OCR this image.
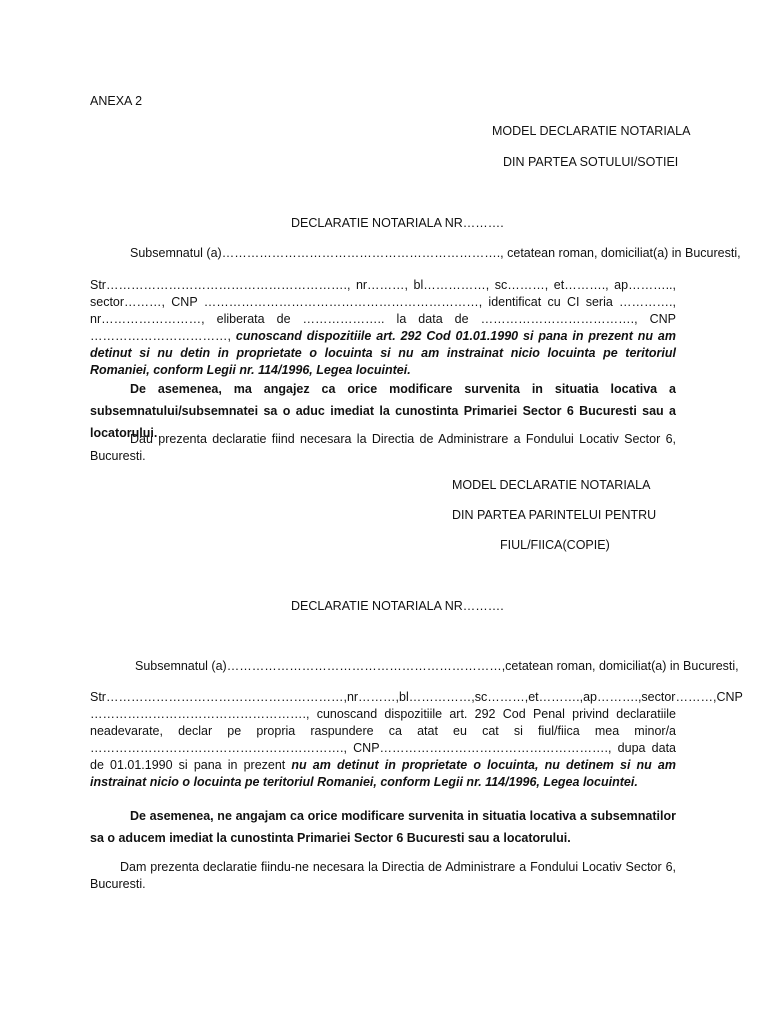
ANEXA 2
MODEL DECLARATIE NOTARIALA
DIN PARTEA SOTULUI/SOTIEI
DECLARATIE NOTARIALA NR……….
Subsemnatul (a)…………………………………………………………., cetatean roman, domiciliat(a) in Bucuresti,
Str…………………………………………………., nr………, bl……………, sc………, et………., ap……….., sector………, CNP …………………………………………………………, identificat cu CI seria …………., nr……………………, eliberata de ……………….. la data de ………………………………., CNP ……………………………, cunoscand dispozitiile art. 292 Cod 01.01.1990 si pana in prezent nu am detinut si nu detin in proprietate o locuinta si nu am instrainat nicio locuinta pe teritoriul Romaniei, conform Legii nr. 114/1996, Legea locuintei.
De asemenea, ma angajez ca orice modificare survenita in situatia locativa a subsemnatului/subsemnatei sa o aduc imediat la cunostinta Primariei Sector 6 Bucuresti sau a locatorului.
Dau prezenta declaratie fiind necesara la Directia de Administrare a Fondului Locativ Sector 6, Bucuresti.
MODEL DECLARATIE NOTARIALA
DIN PARTEA PARINTELUI PENTRU
FIUL/FIICA(COPIE)
DECLARATIE NOTARIALA NR……….
Subsemnatul (a)…………………………………………………………,cetatean roman, domiciliat(a) in Bucuresti,
Str…………………………………………………,nr………,bl……………,sc………,et……….,ap……….,sector………,CNP ……………………………………………., cunoscand dispozitiile art. 292 Cod Penal privind declaratiile neadevarate, declar pe propria raspundere ca atat eu cat si fiul/fiica mea minor/a ……………………………………………………., CNP………………………………………………., dupa data de 01.01.1990 si pana in prezent nu am detinut in proprietate o locuinta, nu detinem si nu am instrainat nicio o locuinta pe teritoriul Romaniei, conform Legii nr. 114/1996, Legea locuintei.
De asemenea, ne angajam ca orice modificare survenita in situatia locativa a subsemnatilor sa o aducem imediat la cunostinta Primariei Sector 6 Bucuresti sau a locatorului.
Dam prezenta declaratie fiindu-ne necesara la Directia de Administrare a Fondului Locativ Sector 6, Bucuresti.
